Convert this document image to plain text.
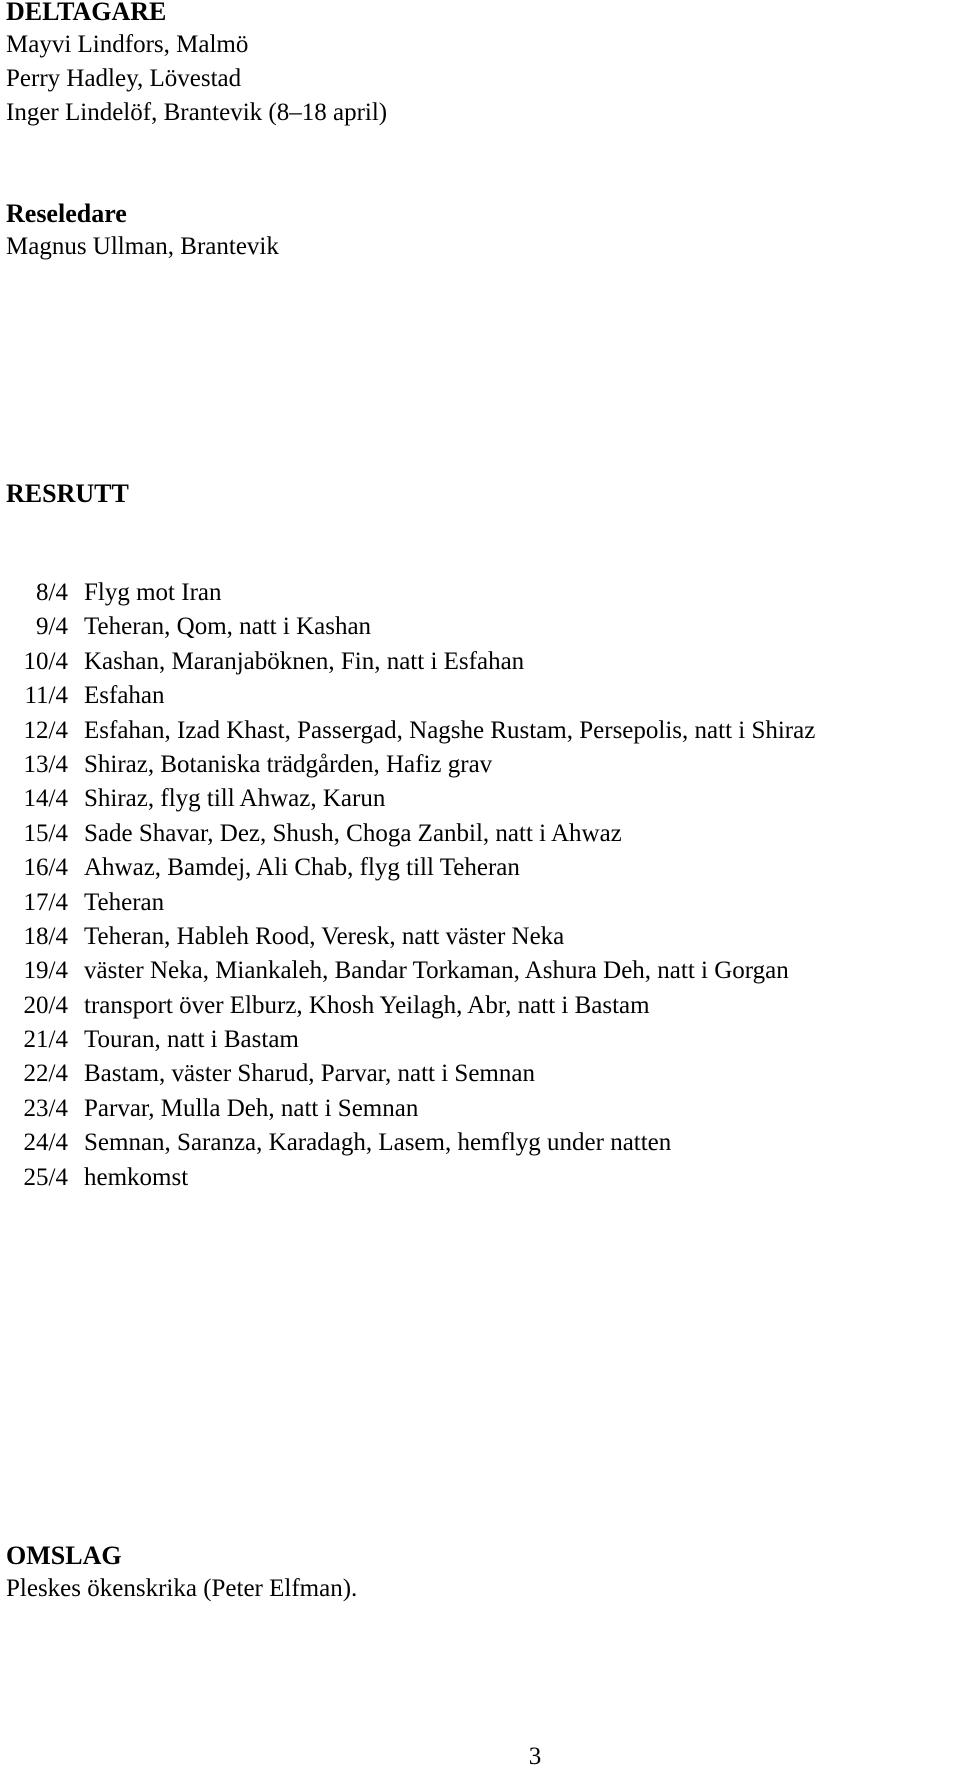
DELTAGARE
Mayvi Lindfors, Malmö
Perry Hadley, Lövestad
Inger Lindelöf, Brantevik (8–18 april)
Reseledare
Magnus Ullman, Brantevik
RESRUTT
8/4 Flyg mot Iran
9/4 Teheran, Qom, natt i Kashan
10/4 Kashan, Maranjaböknen, Fin, natt i Esfahan
11/4 Esfahan
12/4 Esfahan, Izad Khast, Passergad, Nagshe Rustam, Persepolis, natt i Shiraz
13/4 Shiraz, Botaniska trädgården, Hafiz grav
14/4 Shiraz, flyg till Ahwaz, Karun
15/4 Sade Shavar, Dez, Shush, Choga Zanbil, natt i Ahwaz
16/4 Ahwaz, Bamdej, Ali Chab, flyg till Teheran
17/4 Teheran
18/4 Teheran, Hableh Rood, Veresk, natt väster Neka
19/4 väster Neka, Miankaleh, Bandar Torkaman, Ashura Deh, natt i Gorgan
20/4 transport över Elburz, Khosh Yeilagh, Abr, natt i Bastam
21/4 Touran, natt i Bastam
22/4 Bastam, väster Sharud, Parvar, natt i Semnan
23/4 Parvar, Mulla Deh, natt i Semnan
24/4 Semnan, Saranza, Karadagh, Lasem, hemflyg under natten
25/4 hemkomst
OMSLAG
Pleskes ökenskrika (Peter Elfman).
3
